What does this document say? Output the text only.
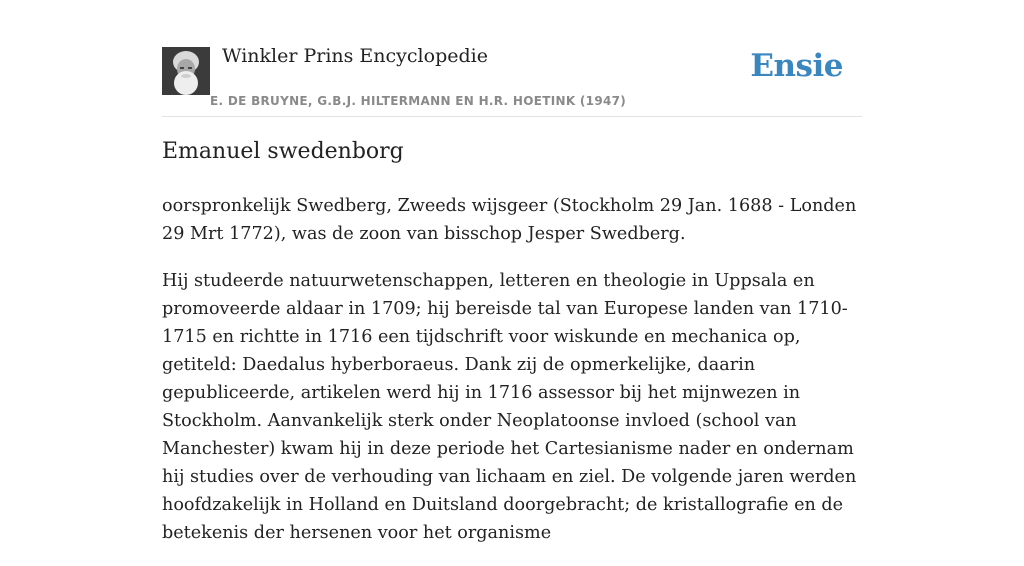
Winkler Prins Encyclopedie
E. DE BRUYNE, G.B.J. HILTERMANN EN H.R. HOETINK (1947)
Ensie
Emanuel swedenborg

oorspronkelijk Swedberg, Zweeds wijsgeer (Stockholm 29 Jan. 1688 - Londen 29 Mrt 1772), was de zoon van bisschop Jesper Swedberg.

Hij studeerde natuurwetenschappen, letteren en theologie in Uppsala en promoveerde aldaar in 1709; hij bereisde tal van Europese landen van 1710-1715 en richtte in 1716 een tijdschrift voor wiskunde en mechanica op, getiteld: Daedalus hyberboraeus. Dank zij de opmerkelijke, daarin gepubliceerde, artikelen werd hij in 1716 assessor bij het mijnwezen in Stockholm. Aanvankelijk sterk onder Neoplatoonse invloed (school van Manchester) kwam hij in deze periode het Cartesianisme nader en ondernam hij studies over de verhouding van lichaam en ziel. De volgende jaren werden hoofdzakelijk in Holland en Duitsland doorgebracht; de kristallografie en de betekenis der hersenen voor het organisme
